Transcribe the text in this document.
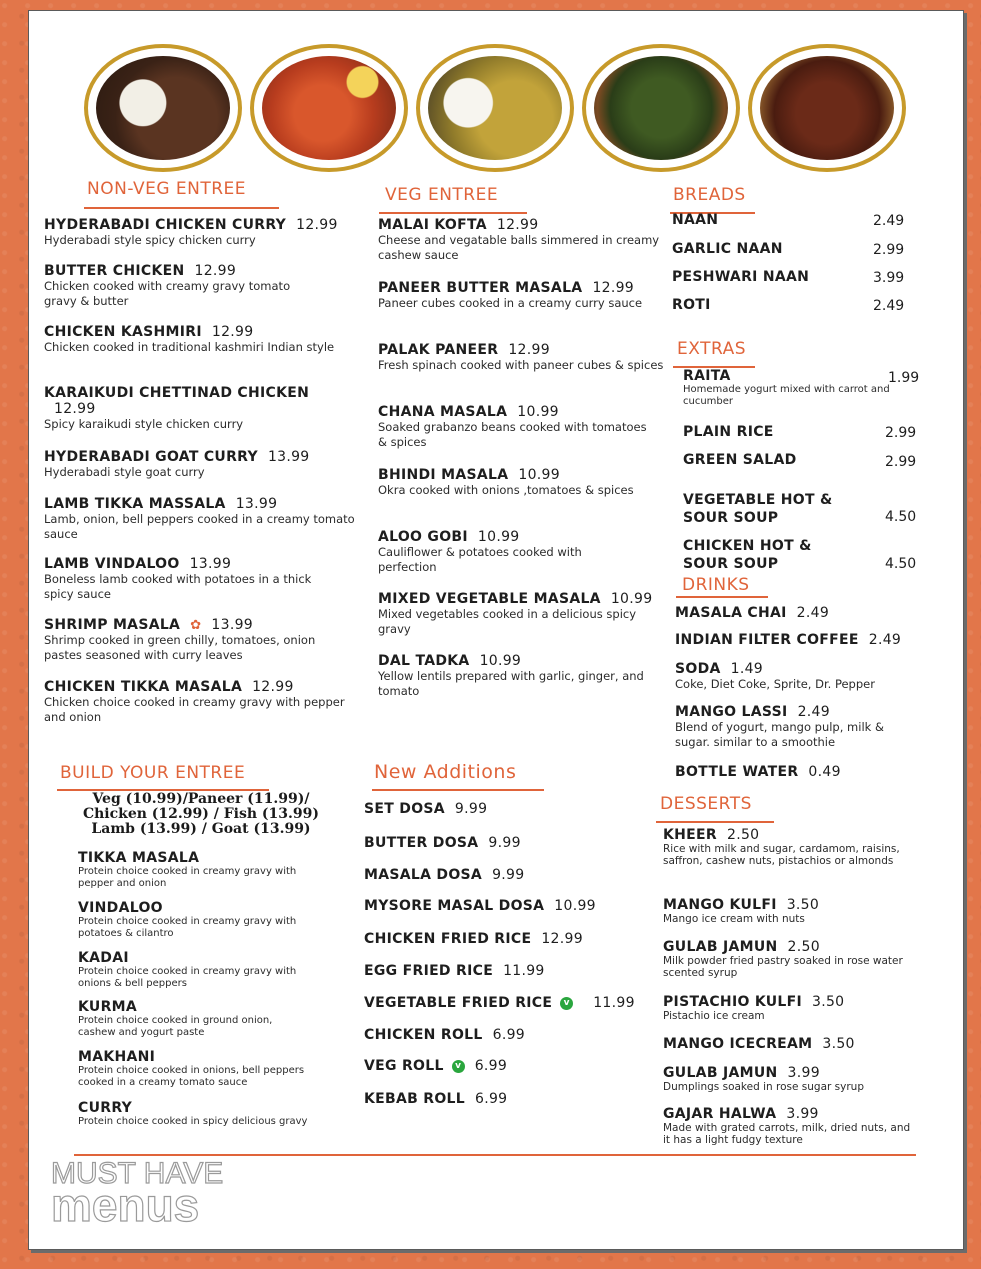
NON-VEG ENTREE
HYDERABADI CHICKEN CURRY 12.99
Hyderabadi style spicy chicken curry
BUTTER CHICKEN 12.99
Chicken cooked with creamy gravy tomato gravy & butter
CHICKEN KASHMIRI 12.99
Chicken cooked in traditional kashmiri Indian style
KARAIKUDI CHETTINAD CHICKEN
12.99
Spicy karaikudi style chicken curry
HYDERABADI GOAT CURRY 13.99
Hyderabadi style goat curry
LAMB TIKKA MASSALA 13.99
Lamb, onion, bell peppers cooked in a creamy tomato sauce
LAMB VINDALOO 13.99
Boneless lamb cooked with potatoes in a thick spicy sauce
SHRIMP MASALA ✿ 13.99
Shrimp cooked in green chilly, tomatoes, onion pastes seasoned with curry leaves
CHICKEN TIKKA MASALA 12.99
Chicken choice cooked in creamy gravy with pepper and onion
VEG ENTREE
MALAI KOFTA 12.99
Cheese and vegatable balls simmered in creamy cashew sauce
PANEER BUTTER MASALA 12.99
Paneer cubes cooked in a creamy curry sauce
PALAK PANEER 12.99
Fresh spinach cooked with paneer cubes & spices
CHANA MASALA 10.99
Soaked grabanzo beans cooked with tomatoes & spices
BHINDI MASALA 10.99
Okra cooked with onions ,tomatoes & spices
ALOO GOBI 10.99
Cauliflower & potatoes cooked with perfection
MIXED VEGETABLE MASALA 10.99
Mixed vegetables cooked in a delicious spicy gravy
DAL TADKA 10.99
Yellow lentils prepared with garlic, ginger, and tomato
BREADS
NAAN	2.49
GARLIC NAAN	2.99
PESHWARI NAAN	3.99
ROTI	2.49
EXTRAS
RAITA
Homemade yogurt mixed with carrot and cucumber
1.99
PLAIN RICE	2.99
GREEN SALAD	2.99
VEGETABLE HOT & SOUR SOUP	4.50
CHICKEN HOT & SOUR SOUP	4.50
DRINKS
MASALA CHAI 2.49
INDIAN FILTER COFFEE 2.49
SODA 1.49
Coke, Diet Coke, Sprite, Dr. Pepper
MANGO LASSI 2.49
Blend of yogurt, mango pulp, milk & sugar. similar to a smoothie
BOTTLE WATER 0.49
BUILD YOUR ENTREE
Veg (10.99)/Paneer (11.99)/
Chicken (12.99) / Fish (13.99)
Lamb (13.99) / Goat (13.99)
TIKKA MASALA
Protein choice cooked in creamy gravy with pepper and onion
VINDALOO
Protein choice cooked in creamy gravy with potatoes & cilantro
KADAI
Protein choice cooked in creamy gravy with onions & bell peppers
KURMA
Protein choice cooked in ground onion, cashew and yogurt paste
MAKHANI
Protein choice cooked in onions, bell peppers cooked in a creamy tomato sauce
CURRY
Protein choice cooked in spicy delicious gravy
New Additions
SET DOSA 9.99
BUTTER DOSA 9.99
MASALA DOSA 9.99
MYSORE MASAL DOSA 10.99
CHICKEN FRIED RICE 12.99
EGG FRIED RICE 11.99
VEGETABLE FRIED RICE v 11.99
CHICKEN ROLL 6.99
VEG ROLL v 6.99
KEBAB ROLL 6.99
DESSERTS
KHEER 2.50
Rice with milk and sugar, cardamom, raisins, saffron, cashew nuts, pistachios or almonds
MANGO KULFI 3.50
Mango ice cream with nuts
GULAB JAMUN 2.50
Milk powder fried pastry soaked in rose water scented syrup
PISTACHIO KULFI 3.50
Pistachio ice cream
MANGO ICECREAM 3.50
GULAB JAMUN 3.99
Dumplings soaked in rose sugar syrup
GAJAR HALWA 3.99
Made with grated carrots, milk, dried nuts, and it has a light fudgy texture
MUST HAVE
menus
